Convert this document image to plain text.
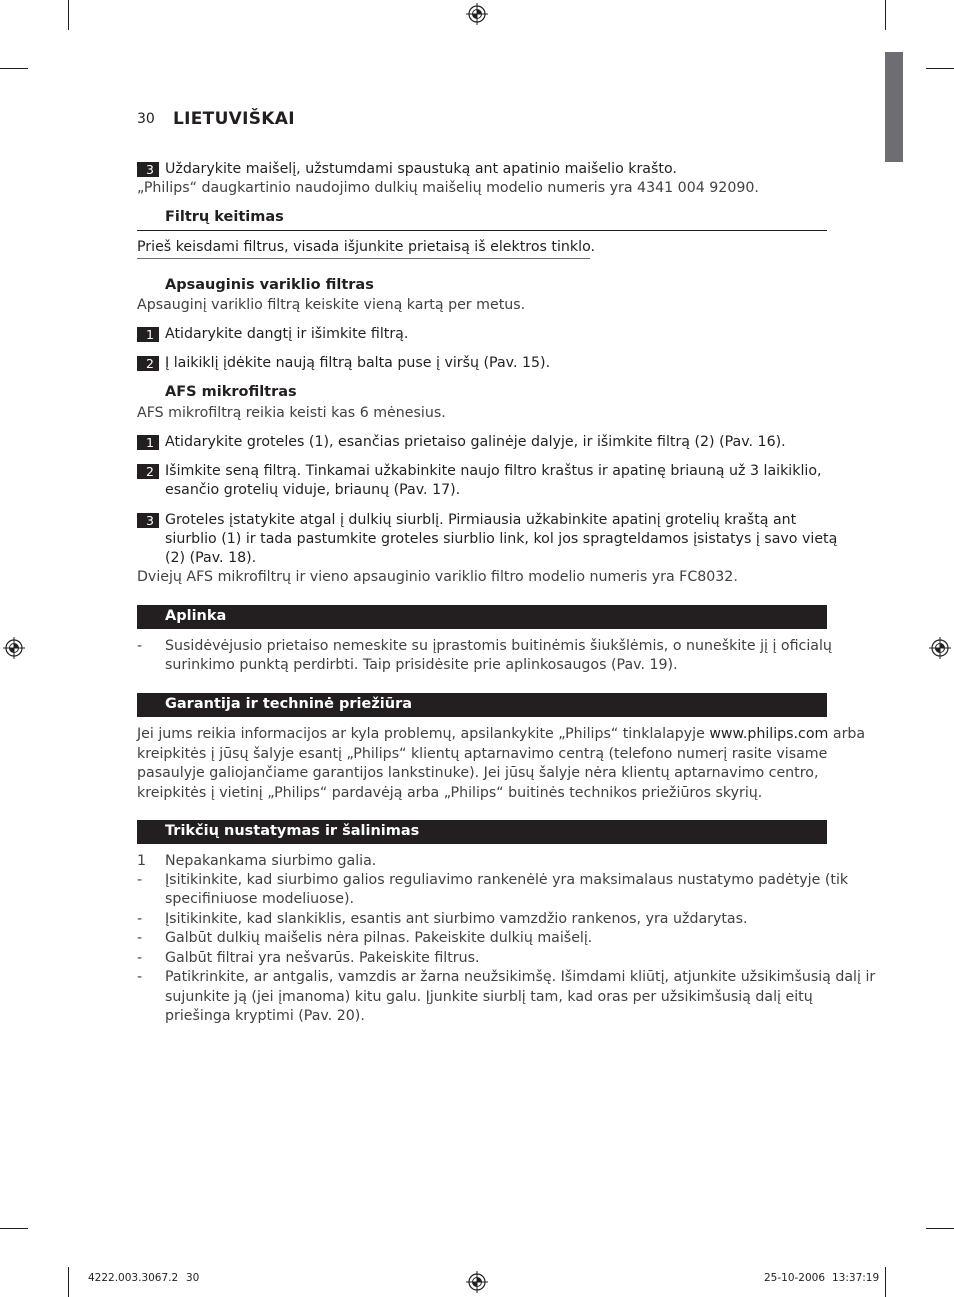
30 LIETUVIŠKAI
3 Uždarykite maišelį, užstumdami spaustuką ant apatinio maišelio krašto.
„Philips“ daugkartinio naudojimo dulkių maišelių modelio numeris yra 4341 004 92090.
Filtrų keitimas
Prieš keisdami filtrus, visada išjunkite prietaisą iš elektros tinklo.
Apsauginis variklio filtras
Apsauginį variklio filtrą keiskite vieną kartą per metus.
1 Atidarykite dangtį ir išimkite filtrą.
2 Į laikiklį įdėkite naują filtrą balta puse į viršų (Pav. 15).
AFS mikrofiltras
AFS mikrofiltrą reikia keisti kas 6 mėnesius.
1 Atidarykite groteles (1), esančias prietaiso galinėje dalyje, ir išimkite filtrą (2) (Pav. 16).
2 Išimkite seną filtrą. Tinkamai užkabinkite naujo filtro kraštus ir apatinę briauną už 3 laikiklio,
esančio grotelių viduje, briaunų (Pav. 17).
3 Groteles įstatykite atgal į dulkių siurblį. Pirmiausia užkabinkite apatinį grotelių kraštą ant
siurblio (1) ir tada pastumkite groteles siurblio link, kol jos spragteldamos įsistatys į savo vietą
(2) (Pav. 18).
Dviejų AFS mikrofiltrų ir vieno apsauginio variklio filtro modelio numeris yra FC8032.
Aplinka
- Susidėvėjusio prietaiso nemeskite su įprastomis buitinėmis šiukšlėmis, o nuneškite jį į oficialų
surinkimo punktą perdirbti. Taip prisidėsite prie aplinkosaugos (Pav. 19).
Garantija ir techninė priežiūra
Jei jums reikia informacijos ar kyla problemų, apsilankykite „Philips“ tinklalapyje www.philips.com arba
kreipkitės į jūsų šalyje esantį „Philips“ klientų aptarnavimo centrą (telefono numerį rasite visame
pasaulyje galiojančiame garantijos lankstinuke). Jei jūsų šalyje nėra klientų aptarnavimo centro,
kreipkitės į vietinį „Philips“ pardavėją arba „Philips“ buitinės technikos priežiūros skyrių.
Trikčių nustatymas ir šalinimas
1 Nepakankama siurbimo galia.
- Įsitikinkite, kad siurbimo galios reguliavimo rankenėlė yra maksimalaus nustatymo padėtyje (tik
specifiniuose modeliuose).
- Įsitikinkite, kad slankiklis, esantis ant siurbimo vamzdžio rankenos, yra uždarytas.
- Galbūt dulkių maišelis nėra pilnas. Pakeiskite dulkių maišelį.
- Galbūt filtrai yra nešvarūs. Pakeiskite filtrus.
- Patikrinkite, ar antgalis, vamzdis ar žarna neužsikimšę. Išimdami kliūtį, atjunkite užsikimšusią dalį ir
sujunkite ją (jei įmanoma) kitu galu. Įjunkite siurblį tam, kad oras per užsikimšusią dalį eitų
priešinga kryptimi (Pav. 20).
4222.003.3067.2 30	25-10-2006 13:37:19
